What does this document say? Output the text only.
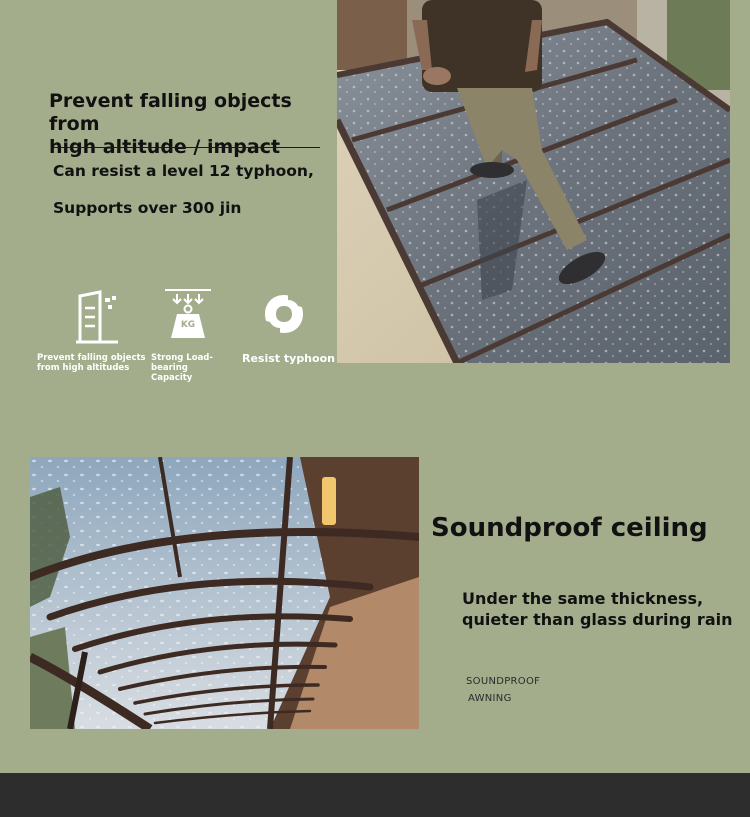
Prevent falling objects from
high altitude / impact
Can resist a level 12 typhoon,
Supports over 300 jin
Prevent falling objects
from high altitudes
KG
Strong Load-bearing
Capacity
Resist typhoon
Soundproof ceiling
Under the same thickness,
quieter than glass during rain
SOUNDPROOF
AWNING
